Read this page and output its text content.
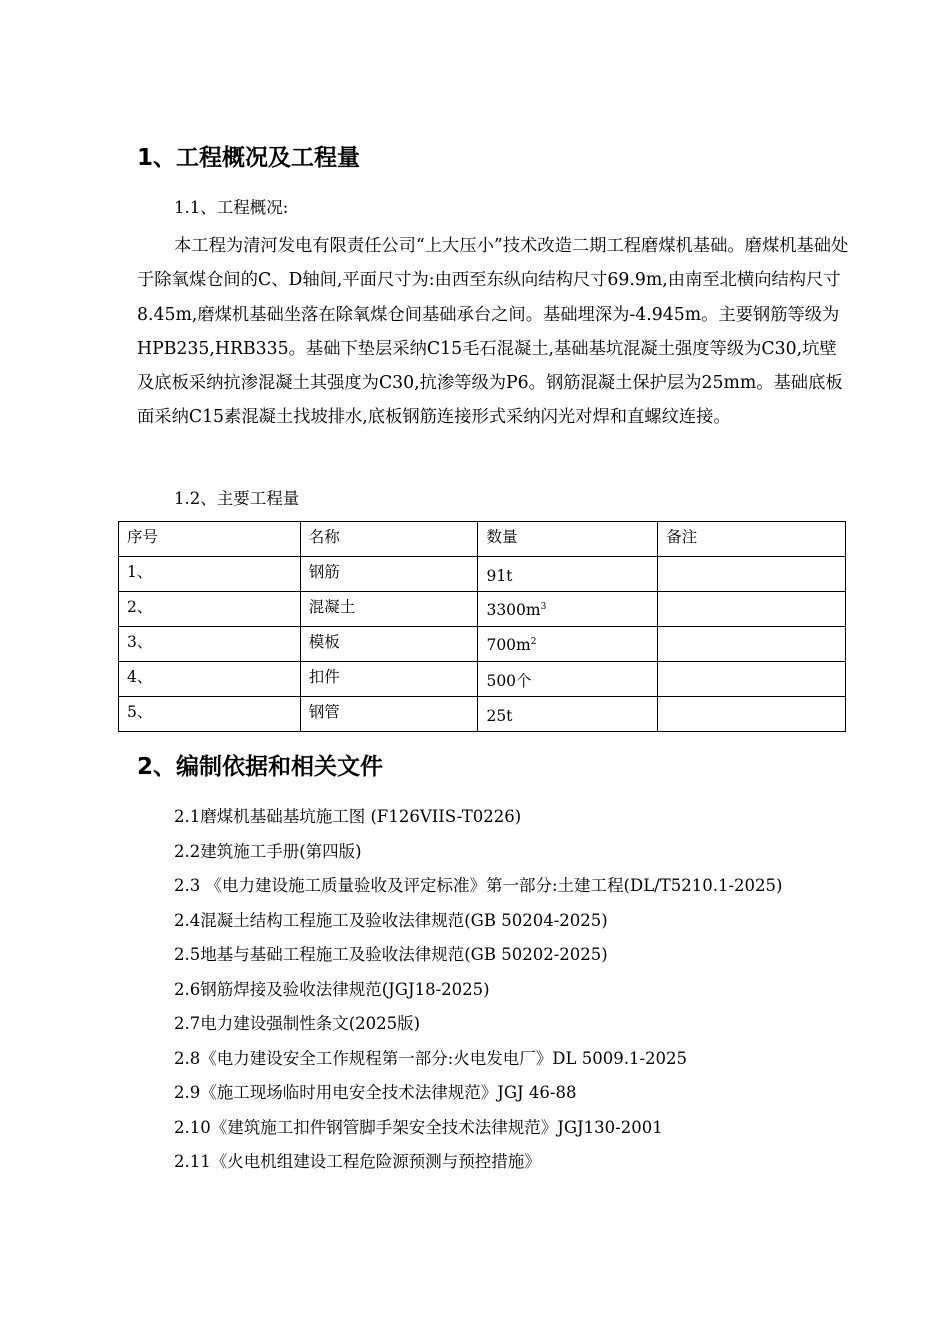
1、工程概况及工程量

1.1、工程概况:

本工程为清河发电有限责任公司“上大压小”技术改造二期工程磨煤机基础。磨煤机基础处于除氧煤仓间的C、D轴间,平面尺寸为:由西至东纵向结构尺寸69.9m,由南至北横向结构尺寸8.45m,磨煤机基础坐落在除氧煤仓间基础承台之间。基础埋深为-4.945m。主要钢筋等级为HPB235,HRB335。基础下垫层采纳C15毛石混凝土,基础基坑混凝土强度等级为C30,坑壁及底板采纳抗渗混凝土其强度为C30,抗渗等级为P6。钢筋混凝土保护层为25mm。基础底板面采纳C15素混凝土找坡排水,底板钢筋连接形式采纳闪光对焊和直螺纹连接。

1.2、主要工程量

序号	名称	数量	备注
1、	钢筋	91t	
2、	混凝土	$3300m^3$	
3、	模板	$700m^2$	
4、	扣件	500个	
5、	钢管	25t	
2、编制依据和相关文件
2.1磨煤机基础基坑施工图 (F126VIIS-T0226)
2.2建筑施工手册(第四版)
2.3 《电力建设施工质量验收及评定标准》第一部分:土建工程(DL/T5210.1-2025)
2.4混凝土结构工程施工及验收法律规范(GB 50204-2025)
2.5地基与基础工程施工及验收法律规范(GB 50202-2025)
2.6钢筋焊接及验收法律规范(JGJ18-2025)
2.7电力建设强制性条文(2025版)
2.8《电力建设安全工作规程第一部分:火电发电厂》DL 5009.1-2025
2.9《施工现场临时用电安全技术法律规范》JGJ 46-88
2.10《建筑施工扣件钢管脚手架安全技术法律规范》JGJ130-2001
2.11《火电机组建设工程危险源预测与预控措施》
